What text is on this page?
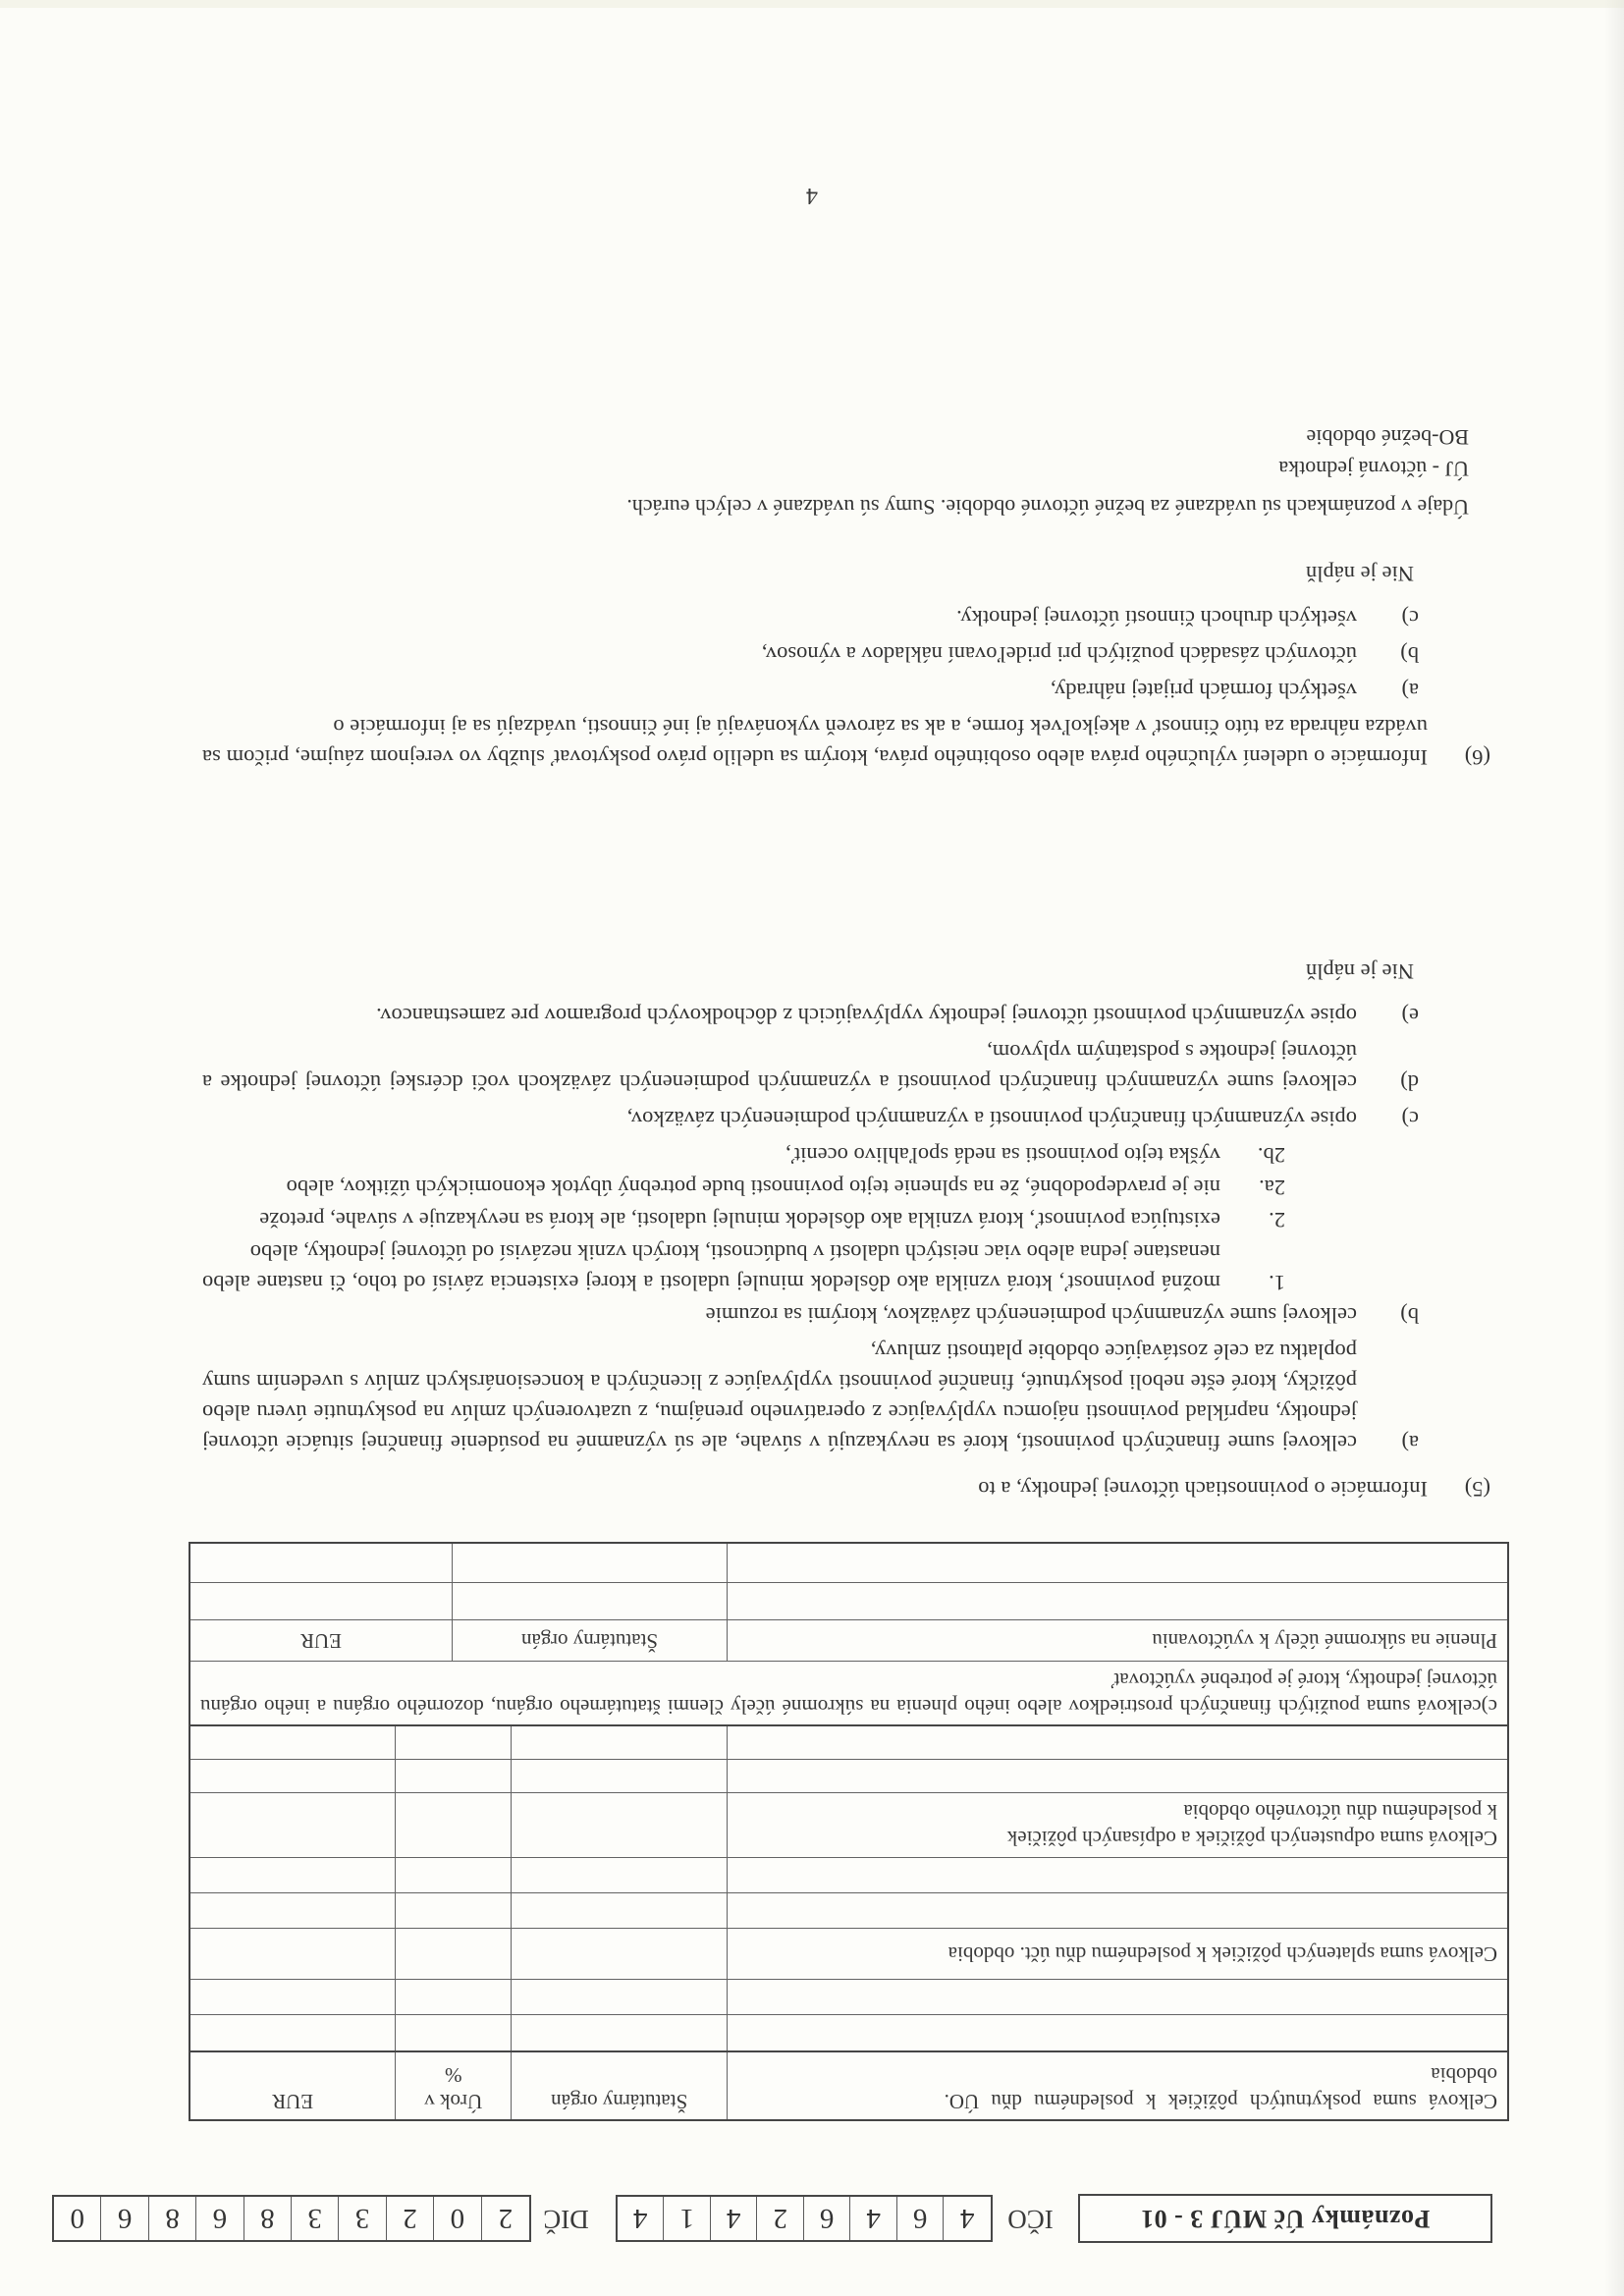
Poznámky Úč MÚJ 3 - 01
IČO
4
6
4
6
2
4
1
4
DIČ
2
0
2
3
3
8
6
8
6
0
Celková suma poskytnutých pôžičiek k poslednému dňu ÚO.
obdobia
Štatutárny orgán
Úrok v
%
EUR
Celková suma splatených pôžičiek k poslednému dňu účt. obdobia
Celková suma odpustených pôžičiek a odpísaných pôžičiek
k poslednému dňu účtovného obdobia
c)celková suma použitých finančných prostriedkov alebo iného plnenia na súkromné účely členmi štatutárneho orgánu, dozorného orgánu a iného orgánu účtovnej jednotky, ktoré je potrebné vyúčtovať
Plnenie na súkromné účely k vyúčtovaniu
Štatutárny orgán
EUR
(5)
Informácie o povinnostiach účtovnej jednotky, a to
a)
celkovej sume finančných povinností, ktoré sa nevykazujú v súvahe, ale sú významné na posúdenie finančnej situácie účtovnej jednotky, napríklad povinnosti nájomcu vyplývajúce z operatívneho prenájmu, z uzatvorených zmlúv na poskytnutie úveru alebo pôžičky, ktoré ešte neboli poskytnuté, finančné povinnosti vyplývajúce z licenčných a koncesionárskych zmlúv s uvedením sumy poplatku za celé zostávajúce obdobie platnosti zmluvy,
b)
celkovej sume významných podmienených záväzkov, ktorými sa rozumie
1.
možná povinnosť, ktorá vznikla ako dôsledok minulej udalosti a ktorej existencia závisí od toho, či nastane alebo nenastane jedna alebo viac neistých udalostí v budúcnosti, ktorých vznik nezávisí od účtovnej jednotky, alebo
2.
existujúca povinnosť, ktorá vznikla ako dôsledok minulej udalosti, ale ktorá sa nevykazuje v súvahe, pretože
2a.
nie je pravdepodobné, že na splnenie tejto povinnosti bude potrebný úbytok ekonomických úžitkov, alebo
2b.
výška tejto povinnosti sa nedá spoľahlivo oceniť,
c)
opise významných finančných povinností a významných podmienených záväzkov,
d)
celkovej sume významných finančných povinností a významných podmienených záväzkoch voči dcérskej účtovnej jednotke a účtovnej jednotke s podstatným vplyvom,
e)
opise významných povinností účtovnej jednotky vyplývajúcich z dôchodkových programov pre zamestnancov.
Nie je náplň
(6)
Informácie o udelení výlučného práva alebo osobitného práva, ktorým sa udelilo právo poskytovať služby vo verejnom záujme, pričom sa uvádza náhrada za túto činnosť v akejkoľvek forme, a ak sa zároveň vykonávajú aj iné činnosti, uvádzajú sa aj informácie o
a)
všetkých formách prijatej náhrady,
b)
účtovných zásadách použitých pri prideľovaní nákladov a výnosov,
c)
všetkých druhoch činností účtovnej jednotky.
Nie je náplň
Údaje v poznámkach sú uvádzané za bežné účtovné obdobie. Sumy sú uvádzané v celých eurách.
ÚJ - účtovná jednotka
BO-bežné obdobie
4
